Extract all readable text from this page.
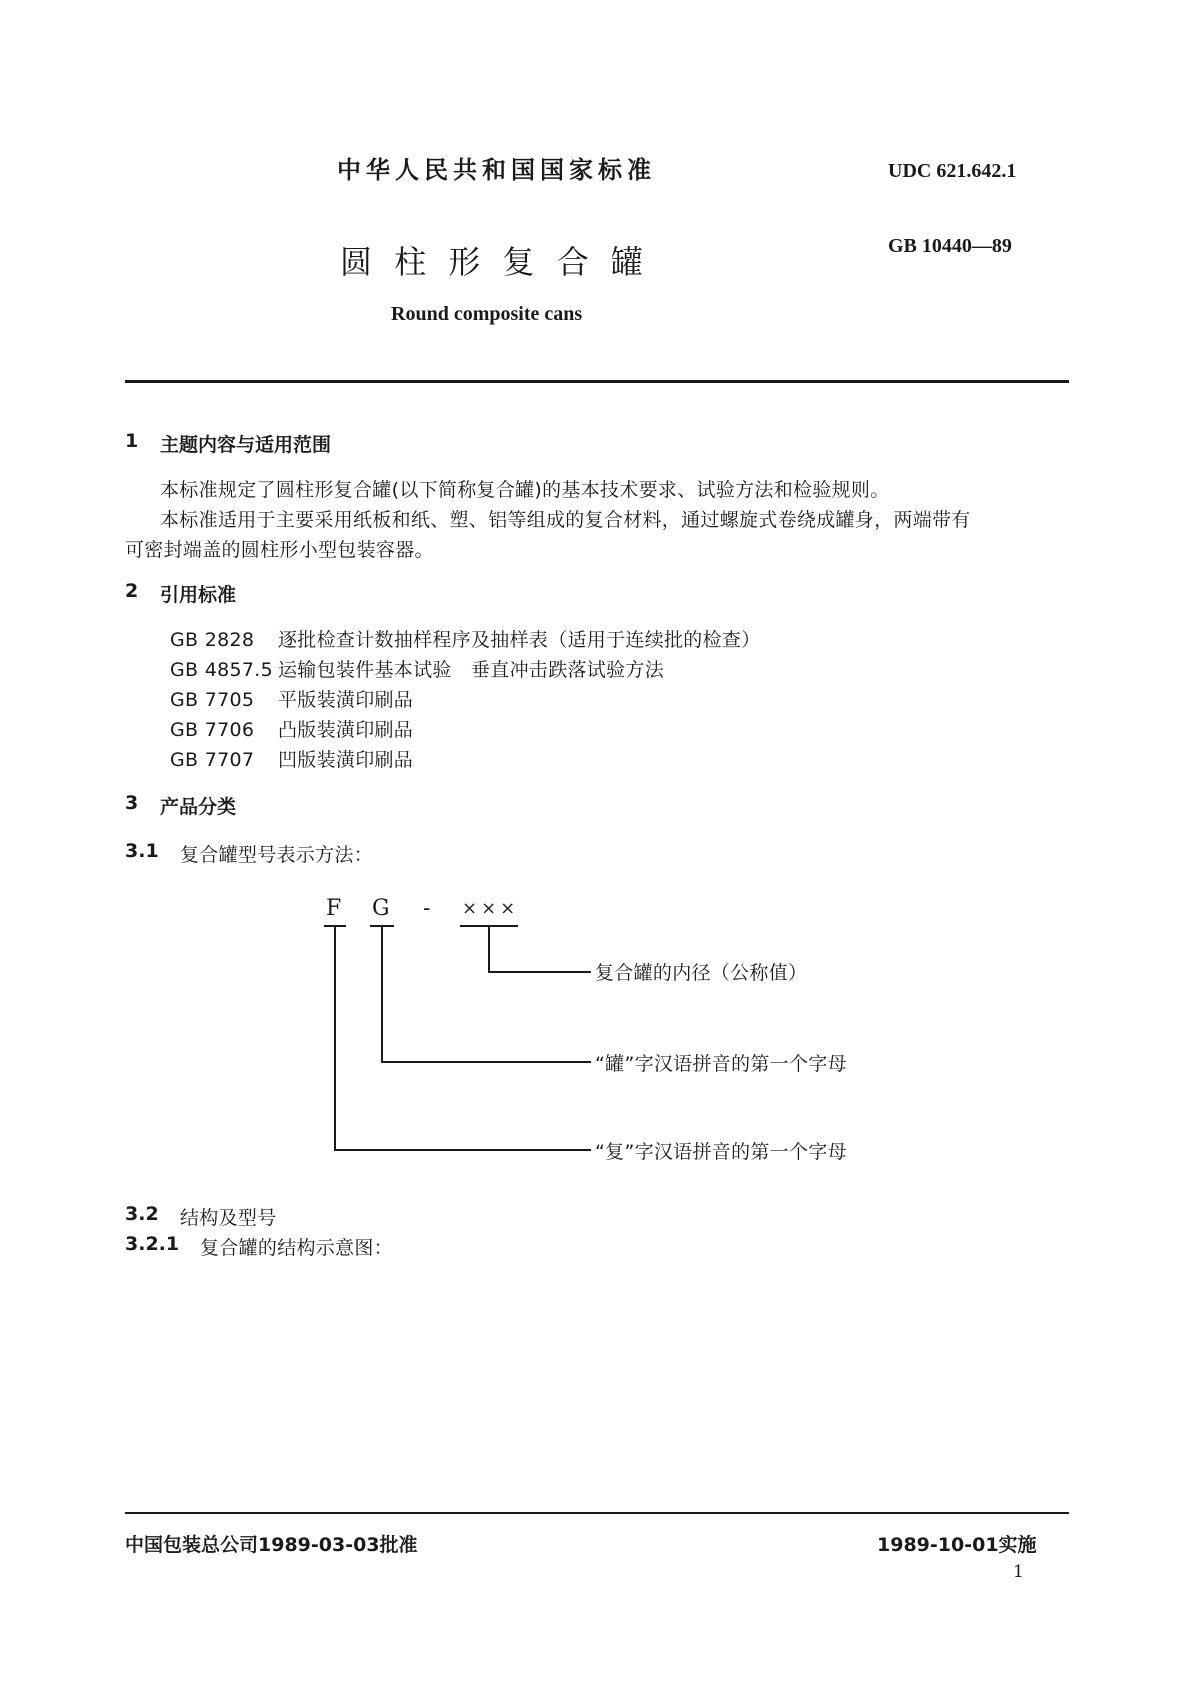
中华人民共和国国家标准	UDC 621.642.1
圆 柱 形 复 合 罐	GB 10440—89
Round composite cans
1 主题内容与适用范围
本标准规定了圆柱形复合罐(以下简称复合罐)的基本技术要求、试验方法和检验规则。
本标准适用于主要采用纸板和纸、塑、铝等组成的复合材料，通过螺旋式卷绕成罐身，两端带有
可密封端盖的圆柱形小型包装容器。
2 引用标准
GB 2828 逐批检查计数抽样程序及抽样表（适用于连续批的检查）
GB 4857.5 运输包装件基本试验　垂直冲击跌落试验方法
GB 7705 平版装潢印刷品
GB 7706 凸版装潢印刷品
GB 7707 凹版装潢印刷品
3 产品分类
3.1 复合罐型号表示方法：
F G - ×××
复合罐的内径（公称值）
“罐”字汉语拼音的第一个字母
“复”字汉语拼音的第一个字母
3.2 结构及型号
3.2.1 复合罐的结构示意图：
中国包装总公司1989-03-03批准	1989-10-01实施
1
